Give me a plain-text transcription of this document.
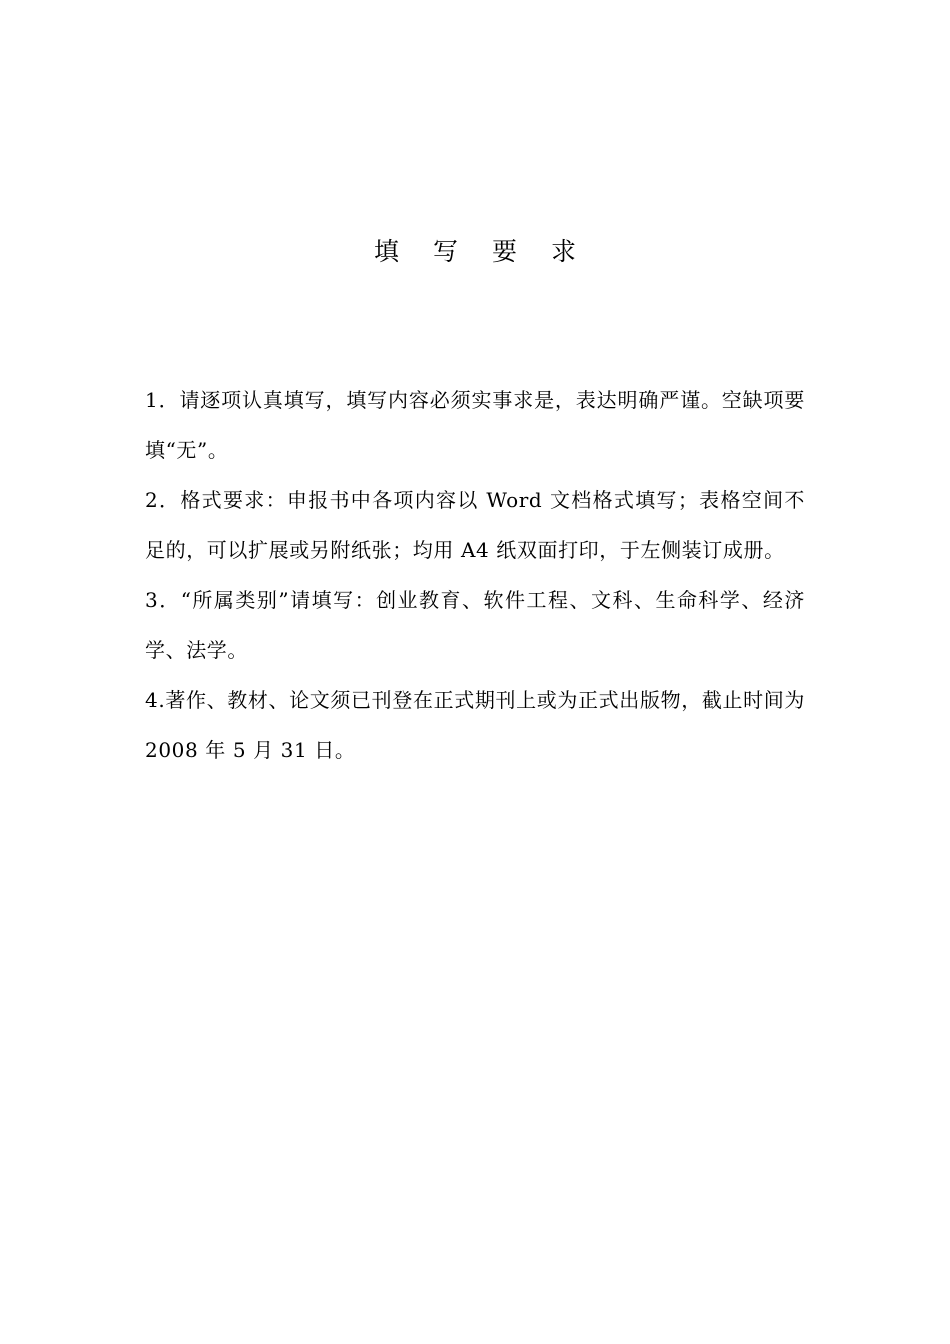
填写要求

1．请逐项认真填写，填写内容必须实事求是，表达明确严谨。空缺项要填“无”。

2．格式要求：申报书中各项内容以 Word 文档格式填写；表格空间不足的，可以扩展或另附纸张；均用 A4 纸双面打印，于左侧装订成册。

3．“所属类别”请填写：创业教育、软件工程、文科、生命科学、经济学、法学。

4.著作、教材、论文须已刊登在正式期刊上或为正式出版物，截止时间为 2008 年 5 月 31 日。
